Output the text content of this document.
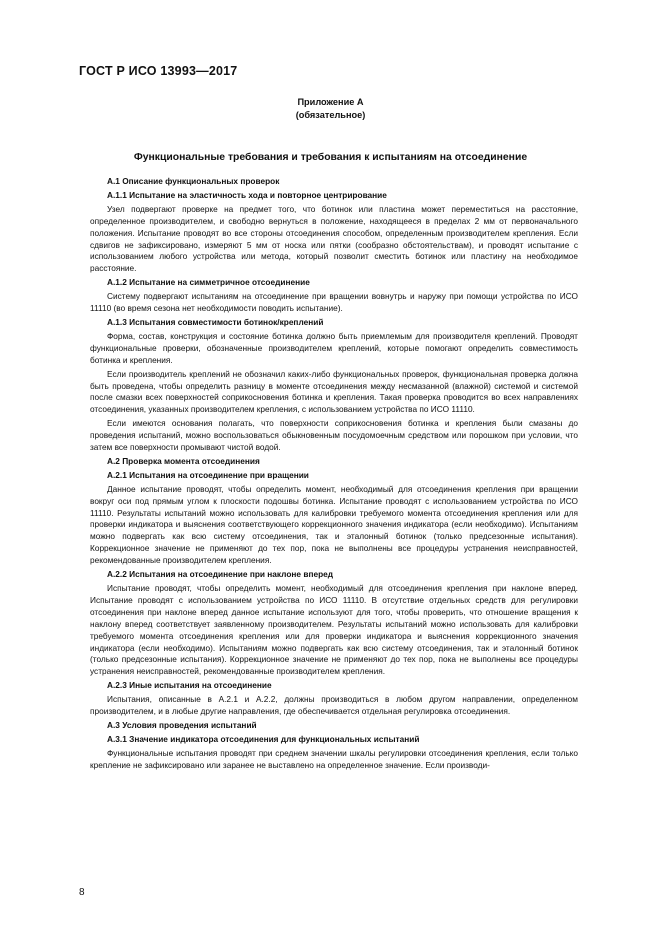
ГОСТ Р ИСО 13993—2017
Приложение А
(обязательное)
Функциональные требования и требования к испытаниям на отсоединение
А.1 Описание функциональных проверок
А.1.1 Испытание на эластичность хода и повторное центрирование
Узел подвергают проверке на предмет того, что ботинок или пластина может переместиться на расстояние, определенное производителем, и свободно вернуться в положение, находящееся в пределах 2 мм от первоначального положения. Испытание проводят во все стороны отсоединения способом, определенным производителем крепления. Если сдвигов не зафиксировано, измеряют 5 мм от носка или пятки (сообразно обстоятельствам), и проводят испытание с использованием любого устройства или метода, который позволит сместить ботинок или пластину на необходимое расстояние.
А.1.2 Испытание на симметричное отсоединение
Систему подвергают испытаниям на отсоединение при вращении вовнутрь и наружу при помощи устройства по ИСО 11110 (во время сезона нет необходимости поводить испытание).
А.1.3 Испытания совместимости ботинок/креплений
Форма, состав, конструкция и состояние ботинка должно быть приемлемым для производителя креплений. Проводят функциональные проверки, обозначенные производителем креплений, которые помогают определить совместимость ботинка и крепления.
Если производитель креплений не обозначил каких-либо функциональных проверок, функциональная проверка должна быть проведена, чтобы определить разницу в моменте отсоединения между несмазанной (влажной) системой и системой после смазки всех поверхностей соприкосновения ботинка и крепления. Такая проверка проводится во всех направлениях отсоединения, указанных производителем крепления, с использованием устройства по ИСО 11110.
Если имеются основания полагать, что поверхности соприкосновения ботинка и крепления были смазаны до проведения испытаний, можно воспользоваться обыкновенным посудомоечным средством или порошком при условии, что затем все поверхности промывают чистой водой.
А.2 Проверка момента отсоединения
А.2.1 Испытания на отсоединение при вращении
Данное испытание проводят, чтобы определить момент, необходимый для отсоединения крепления при вращении вокруг оси под прямым углом к плоскости подошвы ботинка. Испытание проводят с использованием устройства по ИСО 11110. Результаты испытаний можно использовать для калибровки требуемого момента отсоединения крепления или для проверки индикатора и выяснения соответствующего коррекционного значения индикатора (если необходимо). Испытаниям можно подвергать как всю систему отсоединения, так и эталонный ботинок (только предсезонные испытания). Коррекционное значение не применяют до тех пор, пока не выполнены все процедуры устранения неисправностей, рекомендованные производителем крепления.
А.2.2 Испытания на отсоединение при наклоне вперед
Испытание проводят, чтобы определить момент, необходимый для отсоединения крепления при наклоне вперед. Испытание проводят с использованием устройства по ИСО 11110. В отсутствие отдельных средств для регулировки отсоединения при наклоне вперед данное испытание используют для того, чтобы проверить, что отношение вращения к наклону вперед соответствует заявленному производителем. Результаты испытаний можно использовать для калибровки требуемого момента отсоединения крепления или для проверки индикатора и выяснения коррекционного значения индикатора (если необходимо). Испытаниям можно подвергать как всю систему отсоединения, так и эталонный ботинок (только предсезонные испытания). Коррекционное значение не применяют до тех пор, пока не выполнены все процедуры устранения неисправностей, рекомендованные производителем крепления.
А.2.3 Иные испытания на отсоединение
Испытания, описанные в А.2.1 и А.2.2, должны производиться в любом другом направлении, определенном производителем, и в любые другие направления, где обеспечивается отдельная регулировка отсоединения.
А.3 Условия проведения испытаний
А.3.1 Значение индикатора отсоединения для функциональных испытаний
Функциональные испытания проводят при среднем значении шкалы регулировки отсоединения крепления, если только крепление не зафиксировано или заранее не выставлено на определенное значение. Если производи-
8
